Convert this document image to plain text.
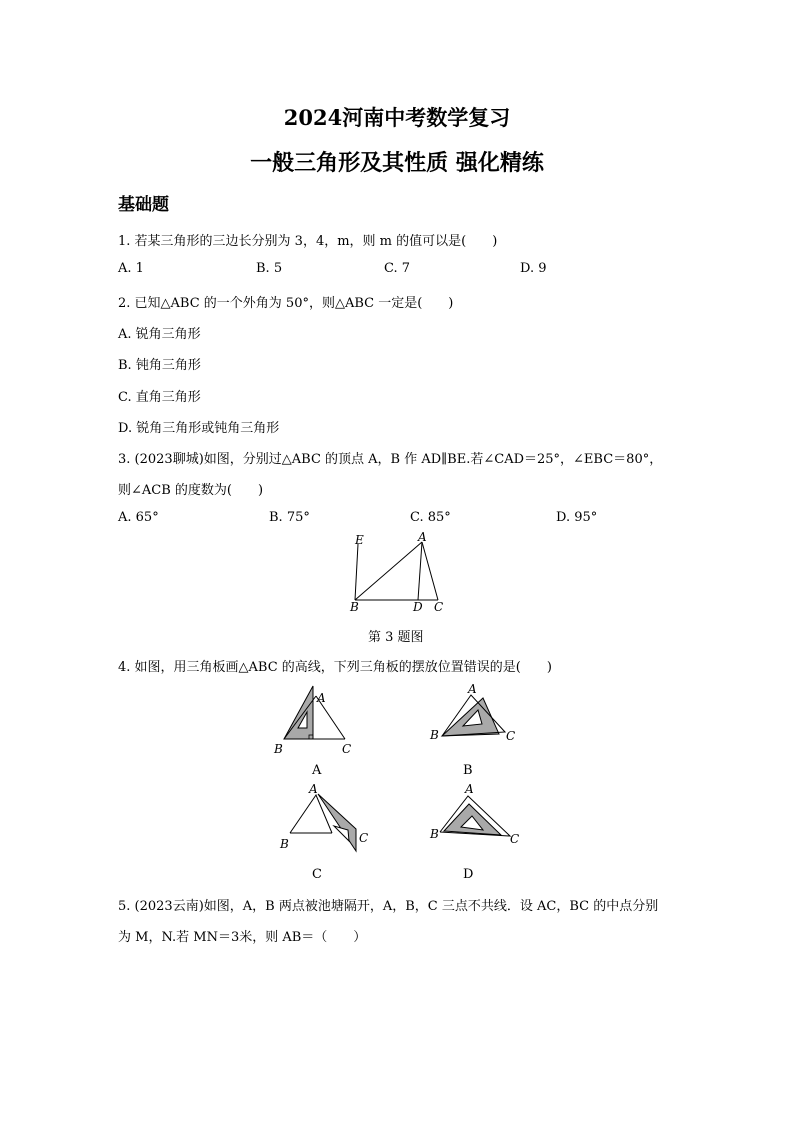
2024河南中考数学复习
一般三角形及其性质 强化精练
基础题
1. 若某三角形的三边长分别为 3，4，m，则 m 的值可以是(　　)
A. 1	B. 5	C. 7	D. 9
2. 已知△ABC 的一个外角为 50°，则△ABC 一定是(　　)
A. 锐角三角形
B. 钝角三角形
C. 直角三角形
D. 锐角三角形或钝角三角形
3. (2023聊城)如图，分别过△ABC 的顶点 A，B 作 AD∥BE.若∠CAD＝25°，∠EBC＝80°，
则∠ACB 的度数为(　　)
A. 65°	B. 75°	C. 85°	D. 95°
E	A
B	D C
第 3 题图
4. 如图，用三角板画△ABC 的高线，下列三角板的摆放位置错误的是(　　)
A
B	C
A
A
B	C
B
A
B	C
C
A
B	C
D
5. (2023云南)如图，A，B 两点被池塘隔开，A，B，C 三点不共线．设 AC，BC 的中点分别
为 M，N.若 MN＝3米，则 AB＝（　　）
